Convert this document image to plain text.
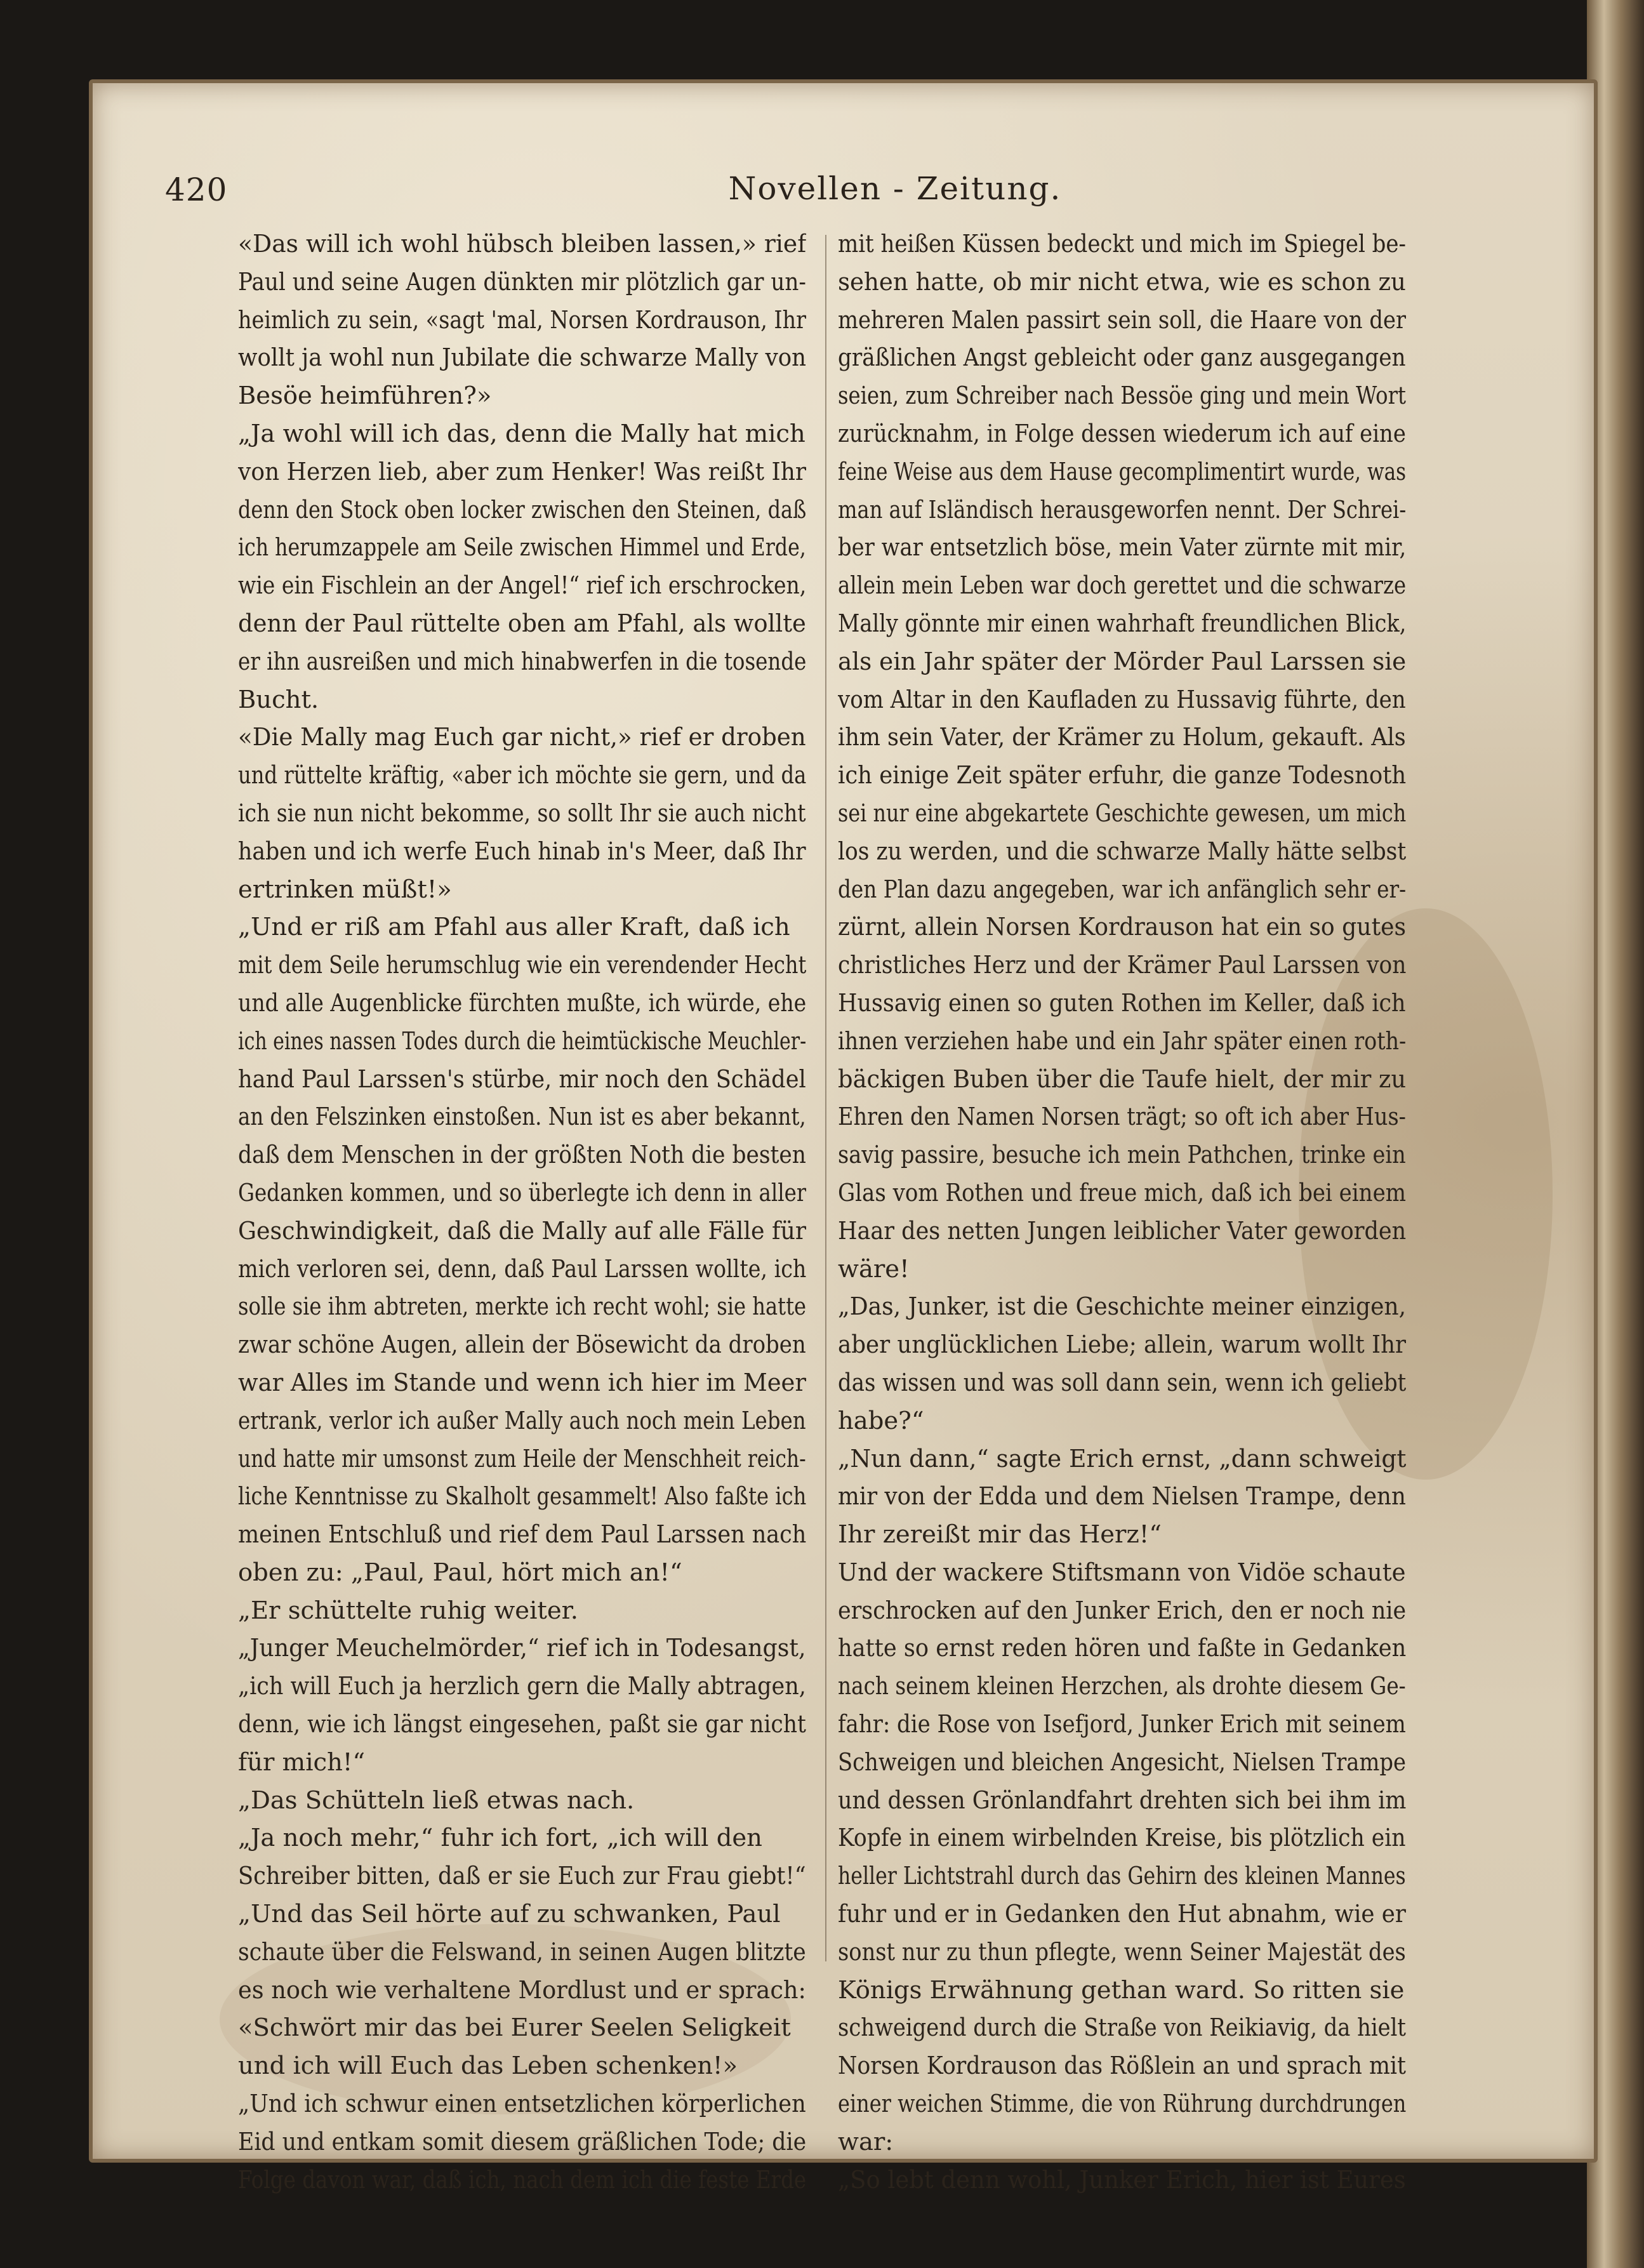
420	Novellen - Zeitung.
«Das will ich wohl hübsch bleiben lassen,» rief
Paul und seine Augen dünkten mir plötzlich gar un-
heimlich zu sein, «sagt 'mal, Norsen Kordrauson, Ihr
wollt ja wohl nun Jubilate die schwarze Mally von
Besöe heimführen?»
„Ja wohl will ich das, denn die Mally hat mich
von Herzen lieb, aber zum Henker! Was reißt Ihr
denn den Stock oben locker zwischen den Steinen, daß
ich herumzappele am Seile zwischen Himmel und Erde,
wie ein Fischlein an der Angel!“ rief ich erschrocken,
denn der Paul rüttelte oben am Pfahl, als wollte
er ihn ausreißen und mich hinabwerfen in die tosende
Bucht.
«Die Mally mag Euch gar nicht,» rief er droben
und rüttelte kräftig, «aber ich möchte sie gern, und da
ich sie nun nicht bekomme, so sollt Ihr sie auch nicht
haben und ich werfe Euch hinab in's Meer, daß Ihr
ertrinken müßt!»
„Und er riß am Pfahl aus aller Kraft, daß ich
mit dem Seile herumschlug wie ein verendender Hecht
und alle Augenblicke fürchten mußte, ich würde, ehe
ich eines nassen Todes durch die heimtückische Meuchler-
hand Paul Larssen's stürbe, mir noch den Schädel
an den Felszinken einstoßen. Nun ist es aber bekannt,
daß dem Menschen in der größten Noth die besten
Gedanken kommen, und so überlegte ich denn in aller
Geschwindigkeit, daß die Mally auf alle Fälle für
mich verloren sei, denn, daß Paul Larssen wollte, ich
solle sie ihm abtreten, merkte ich recht wohl; sie hatte
zwar schöne Augen, allein der Bösewicht da droben
war Alles im Stande und wenn ich hier im Meer
ertrank, verlor ich außer Mally auch noch mein Leben
und hatte mir umsonst zum Heile der Menschheit reich-
liche Kenntnisse zu Skalholt gesammelt! Also faßte ich
meinen Entschluß und rief dem Paul Larssen nach
oben zu: „Paul, Paul, hört mich an!“
„Er schüttelte ruhig weiter.
„Junger Meuchelmörder,“ rief ich in Todesangst,
„ich will Euch ja herzlich gern die Mally abtragen,
denn, wie ich längst eingesehen, paßt sie gar nicht
für mich!“
„Das Schütteln ließ etwas nach.
„Ja noch mehr,“ fuhr ich fort, „ich will den
Schreiber bitten, daß er sie Euch zur Frau giebt!“
„Und das Seil hörte auf zu schwanken, Paul
schaute über die Felswand, in seinen Augen blitzte
es noch wie verhaltene Mordlust und er sprach:
«Schwört mir das bei Eurer Seelen Seligkeit
und ich will Euch das Leben schenken!»
„Und ich schwur einen entsetzlichen körperlichen
Eid und entkam somit diesem gräßlichen Tode; die
Folge davon war, daß ich, nach dem ich die feste Erde
mit heißen Küssen bedeckt und mich im Spiegel be-
sehen hatte, ob mir nicht etwa, wie es schon zu
mehreren Malen passirt sein soll, die Haare von der
gräßlichen Angst gebleicht oder ganz ausgegangen
seien, zum Schreiber nach Bessöe ging und mein Wort
zurücknahm, in Folge dessen wiederum ich auf eine
feine Weise aus dem Hause gecomplimentirt wurde, was
man auf Isländisch herausgeworfen nennt. Der Schrei-
ber war entsetzlich böse, mein Vater zürnte mit mir,
allein mein Leben war doch gerettet und die schwarze
Mally gönnte mir einen wahrhaft freundlichen Blick,
als ein Jahr später der Mörder Paul Larssen sie
vom Altar in den Kaufladen zu Hussavig führte, den
ihm sein Vater, der Krämer zu Holum, gekauft. Als
ich einige Zeit später erfuhr, die ganze Todesnoth
sei nur eine abgekartete Geschichte gewesen, um mich
los zu werden, und die schwarze Mally hätte selbst
den Plan dazu angegeben, war ich anfänglich sehr er-
zürnt, allein Norsen Kordrauson hat ein so gutes
christliches Herz und der Krämer Paul Larssen von
Hussavig einen so guten Rothen im Keller, daß ich
ihnen verziehen habe und ein Jahr später einen roth-
bäckigen Buben über die Taufe hielt, der mir zu
Ehren den Namen Norsen trägt; so oft ich aber Hus-
savig passire, besuche ich mein Pathchen, trinke ein
Glas vom Rothen und freue mich, daß ich bei einem
Haar des netten Jungen leiblicher Vater geworden
wäre!
„Das, Junker, ist die Geschichte meiner einzigen,
aber unglücklichen Liebe; allein, warum wollt Ihr
das wissen und was soll dann sein, wenn ich geliebt
habe?“
„Nun dann,“ sagte Erich ernst, „dann schweigt
mir von der Edda und dem Nielsen Trampe, denn
Ihr zereißt mir das Herz!“
Und der wackere Stiftsmann von Vidöe schaute
erschrocken auf den Junker Erich, den er noch nie
hatte so ernst reden hören und faßte in Gedanken
nach seinem kleinen Herzchen, als drohte diesem Ge-
fahr: die Rose von Isefjord, Junker Erich mit seinem
Schweigen und bleichen Angesicht, Nielsen Trampe
und dessen Grönlandfahrt drehten sich bei ihm im
Kopfe in einem wirbelnden Kreise, bis plötzlich ein
heller Lichtstrahl durch das Gehirn des kleinen Mannes
fuhr und er in Gedanken den Hut abnahm, wie er
sonst nur zu thun pflegte, wenn Seiner Majestät des
Königs Erwähnung gethan ward. So ritten sie
schweigend durch die Straße von Reikiavig, da hielt
Norsen Kordrauson das Rößlein an und sprach mit
einer weichen Stimme, die von Rührung durchdrungen
war:
„So lebt denn wohl, Junker Erich, hier ist Eures
